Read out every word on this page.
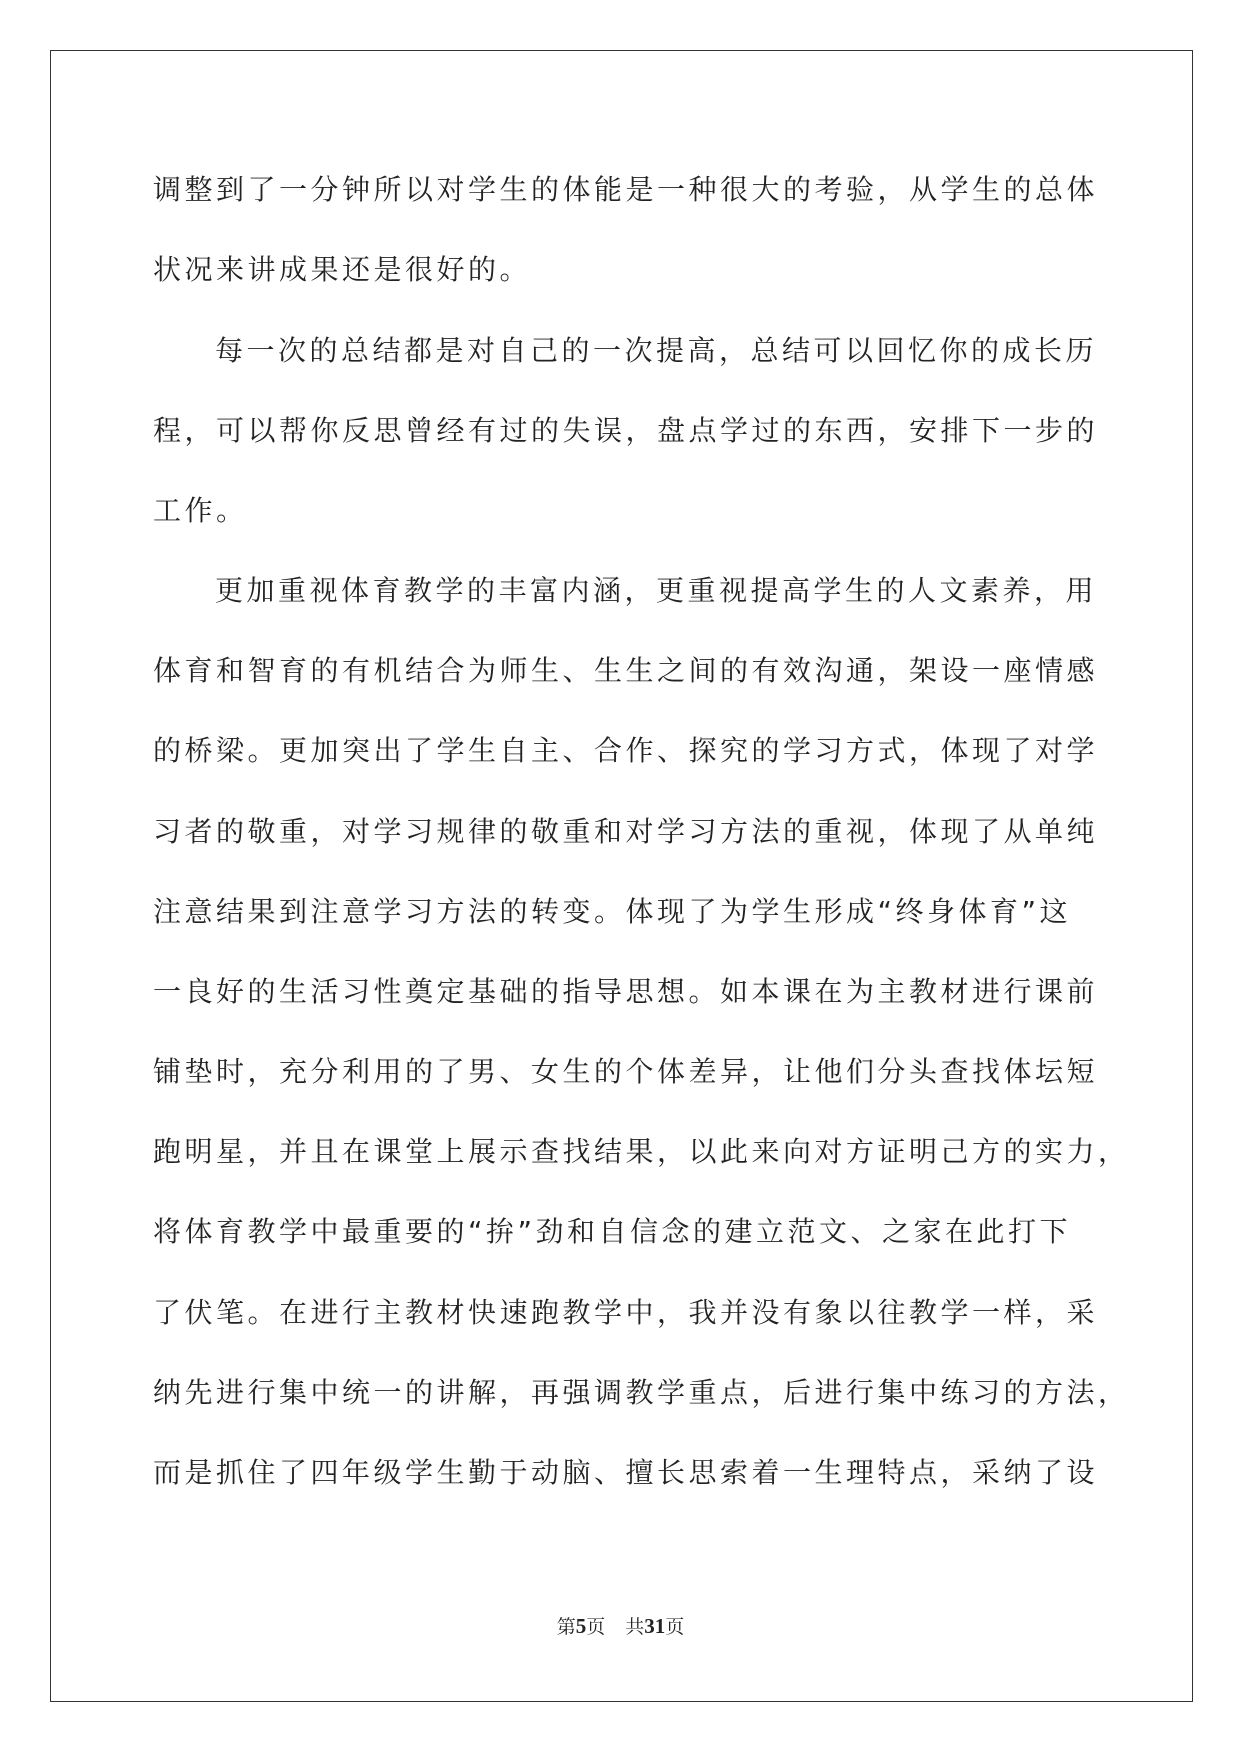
调整到了一分钟所以对学生的体能是一种很大的考验，从学生的总体
状况来讲成果还是很好的。
每一次的总结都是对自己的一次提高，总结可以回忆你的成长历
程，可以帮你反思曾经有过的失误，盘点学过的东西，安排下一步的
工作。
更加重视体育教学的丰富内涵，更重视提高学生的人文素养，用
体育和智育的有机结合为师生、生生之间的有效沟通，架设一座情感
的桥梁。更加突出了学生自主、合作、探究的学习方式，体现了对学
习者的敬重，对学习规律的敬重和对学习方法的重视，体现了从单纯
注意结果到注意学习方法的转变。体现了为学生形成“终身体育”这
一良好的生活习性奠定基础的指导思想。如本课在为主教材进行课前
铺垫时，充分利用的了男、女生的个体差异，让他们分头查找体坛短
跑明星，并且在课堂上展示查找结果，以此来向对方证明己方的实力，
将体育教学中最重要的“拚”劲和自信念的建立范文、之家在此打下
了伏笔。在进行主教材快速跑教学中，我并没有象以往教学一样，采
纳先进行集中统一的讲解，再强调教学重点，后进行集中练习的方法，
而是抓住了四年级学生勤于动脑、擅长思索着一生理特点，采纳了设
第5页 共31页
